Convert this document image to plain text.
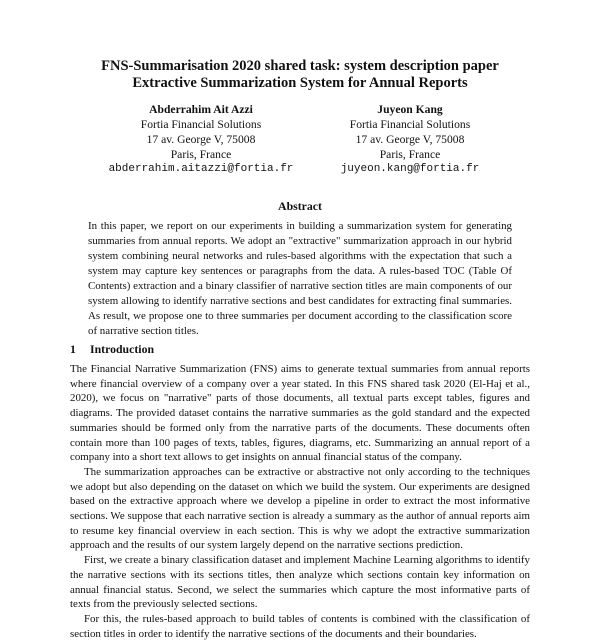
FNS-Summarisation 2020 shared task: system description paper
Extractive Summarization System for Annual Reports
Abderrahim Ait Azzi
Fortia Financial Solutions
17 av. George V, 75008
Paris, France
abderrahim.aitazzi@fortia.fr
Juyeon Kang
Fortia Financial Solutions
17 av. George V, 75008
Paris, France
juyeon.kang@fortia.fr
Abstract

In this paper, we report on our experiments in building a summarization system for generating summaries from annual reports. We adopt an "extractive" summarization approach in our hybrid system combining neural networks and rules-based algorithms with the expectation that such a system may capture key sentences or paragraphs from the data. A rules-based TOC (Table Of Contents) extraction and a binary classifier of narrative section titles are main components of our system allowing to identify narrative sections and best candidates for extracting final summaries. As result, we propose one to three summaries per document according to the classification score of narrative section titles.

1 Introduction

The Financial Narrative Summarization (FNS) aims to generate textual summaries from annual reports where financial overview of a company over a year stated. In this FNS shared task 2020 (El-Haj et al., 2020), we focus on "narrative" parts of those documents, all textual parts except tables, figures and diagrams. The provided dataset contains the narrative summaries as the gold standard and the expected summaries should be formed only from the narrative parts of the documents. These documents often contain more than 100 pages of texts, tables, figures, diagrams, etc. Summarizing an annual report of a company into a short text allows to get insights on annual financial status of the company.

The summarization approaches can be extractive or abstractive not only according to the techniques we adopt but also depending on the dataset on which we build the system. Our experiments are designed based on the extractive approach where we develop a pipeline in order to extract the most informative sections. We suppose that each narrative section is already a summary as the author of annual reports aim to resume key financial overview in each section. This is why we adopt the extractive summarization approach and the results of our system largely depend on the narrative sections prediction.

First, we create a binary classification dataset and implement Machine Learning algorithms to identify the narrative sections with its sections titles, then analyze which sections contain key information on annual financial status. Second, we select the summaries which capture the most informative parts of texts from the previously selected sections.

For this, the rules-based approach to build tables of contents is combined with the classification of section titles in order to identify the narrative sections of the documents and their boundaries.
